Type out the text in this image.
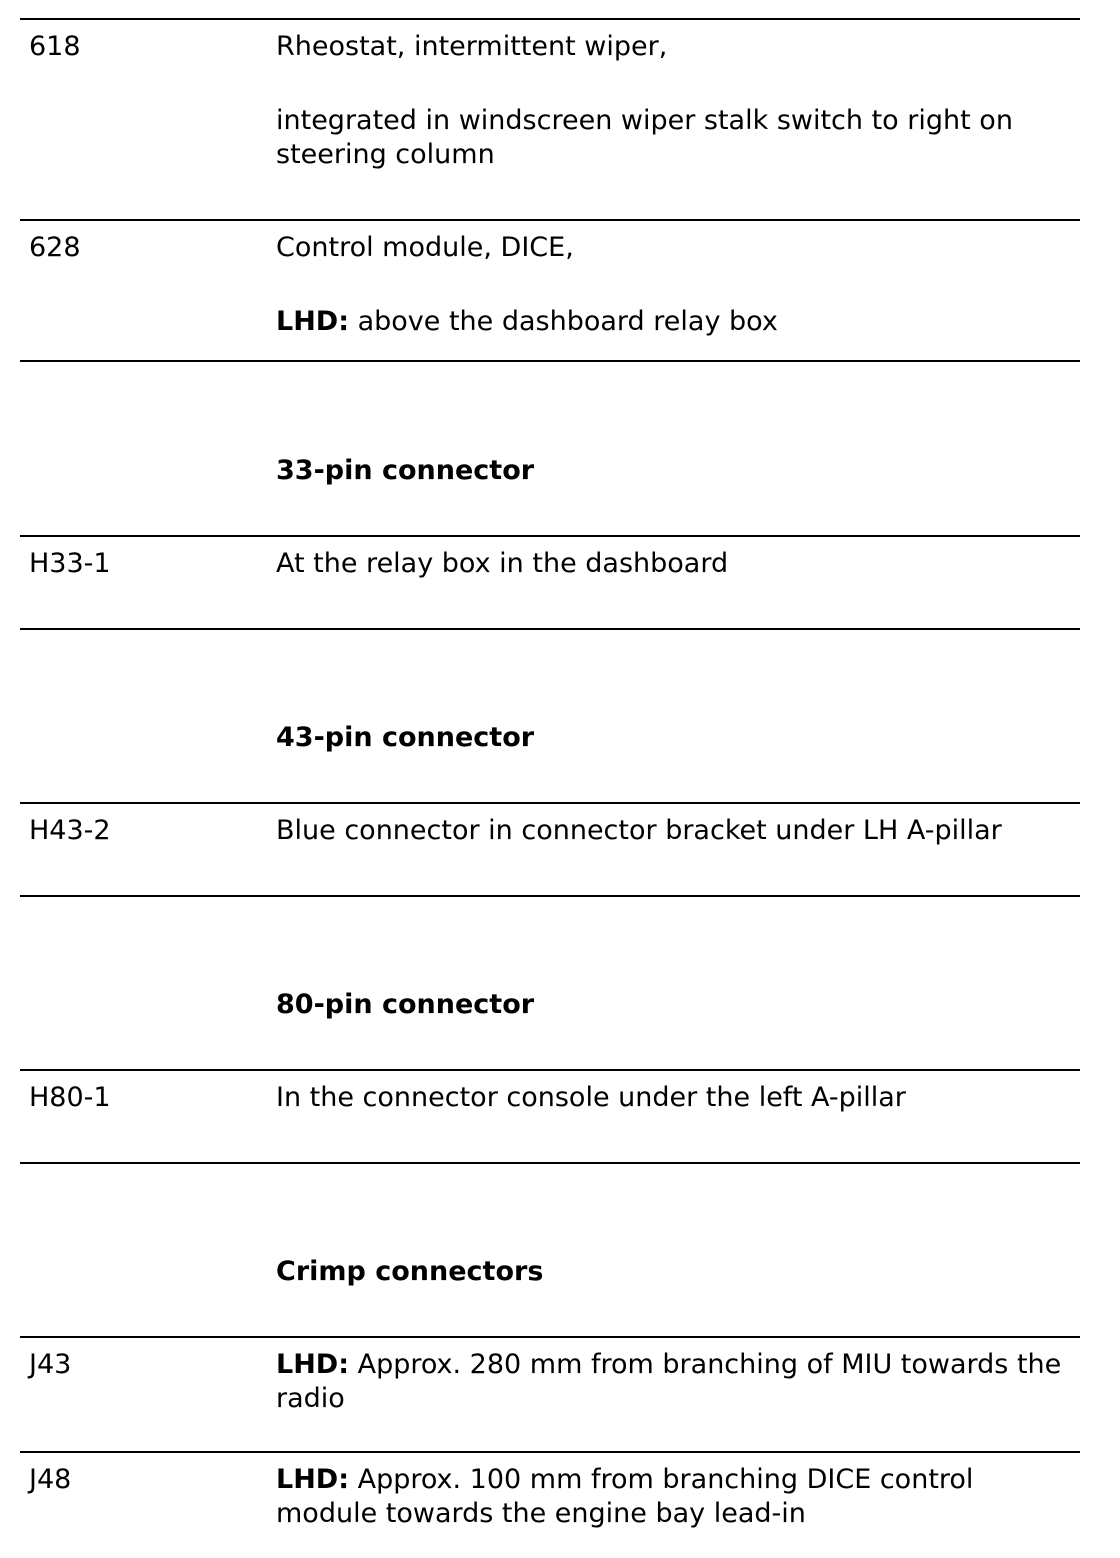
618	Rheostat, intermittent wiper,
integrated in windscreen wiper stalk switch to right on steering column
628	Control module, DICE,
LHD: above the dashboard relay box
33-pin connector
H33-1	At the relay box in the dashboard
43-pin connector
H43-2	Blue connector in connector bracket under LH A-pillar
80-pin connector
H80-1	In the connector console under the left A-pillar
Crimp connectors
J43	LHD: Approx. 280 mm from branching of MIU towards the radio
J48	LHD: Approx. 100 mm from branching DICE control module towards the engine bay lead-in
